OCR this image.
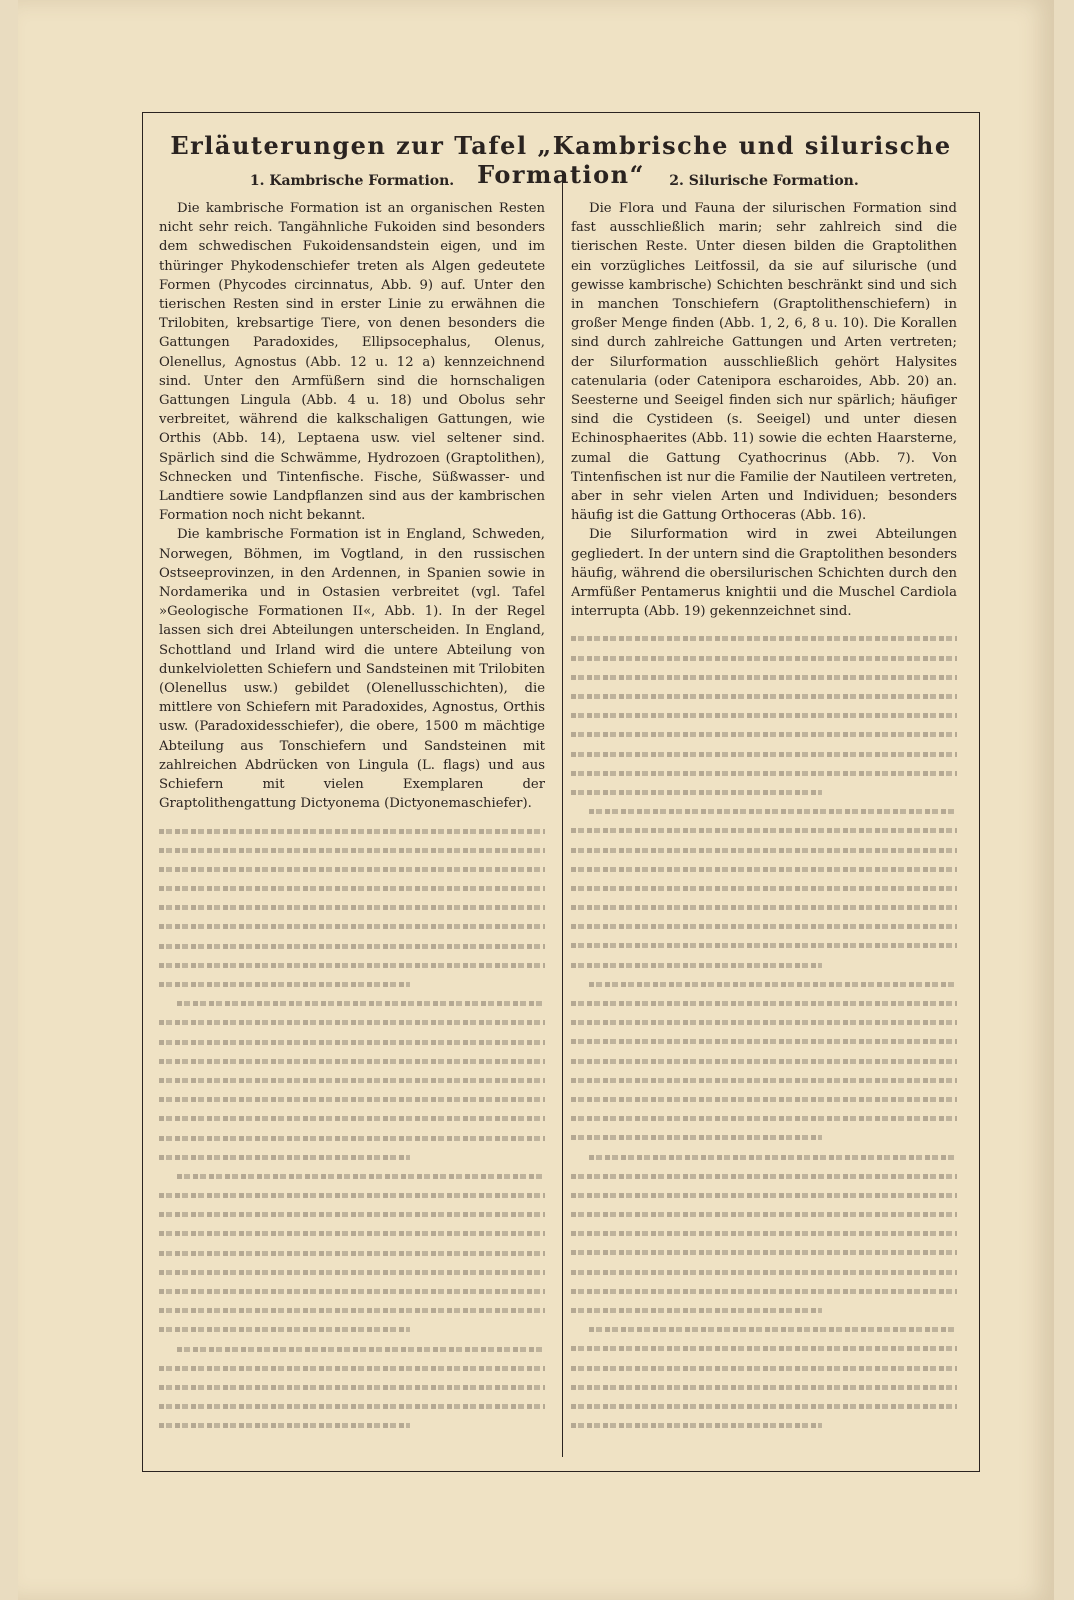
Erläuterungen zur Tafel „Kambrische und silurische Formation“
1. Kambrische Formation.

Die kambrische Formation ist an organischen Resten nicht sehr reich. Tangähnliche Fukoiden sind besonders dem schwedischen Fukoidensandstein eigen, und im thüringer Phykodenschiefer treten als Algen gedeutete Formen (Phycodes circinnatus, Abb. 9) auf. Unter den tierischen Resten sind in erster Linie zu erwähnen die Trilobiten, krebsartige Tiere, von denen besonders die Gattungen Paradoxides, Ellipsocephalus, Olenus, Olenellus, Agnostus (Abb. 12 u. 12 a) kennzeichnend sind. Unter den Armfüßern sind die hornschaligen Gattungen Lingula (Abb. 4 u. 18) und Obolus sehr verbreitet, während die kalkschaligen Gattungen, wie Orthis (Abb. 14), Leptaena usw. viel seltener sind. Spärlich sind die Schwämme, Hydrozoen (Graptolithen), Schnecken und Tintenfische. Fische, Süßwasser- und Landtiere sowie Landpflanzen sind aus der kambrischen Formation noch nicht bekannt.

Die kambrische Formation ist in England, Schweden, Norwegen, Böhmen, im Vogtland, in den russischen Ostseeprovinzen, in den Ardennen, in Spanien sowie in Nordamerika und in Ostasien verbreitet (vgl. Tafel »Geologische Formationen II«, Abb. 1). In der Regel lassen sich drei Abteilungen unterscheiden. In England, Schottland und Irland wird die untere Abteilung von dunkelvioletten Schiefern und Sandsteinen mit Trilobiten (Olenellus usw.) gebildet (Olenellusschichten), die mittlere von Schiefern mit Paradoxides, Agnostus, Orthis usw. (Paradoxidesschiefer), die obere, 1500 m mächtige Abteilung aus Tonschiefern und Sandsteinen mit zahlreichen Abdrücken von Lingula (L. flags) und aus Schiefern mit vielen Exemplaren der Graptolithengattung Dictyonema (Dictyonemaschiefer).

2. Silurische Formation.

Die Flora und Fauna der silurischen Formation sind fast ausschließlich marin; sehr zahlreich sind die tierischen Reste. Unter diesen bilden die Graptolithen ein vorzügliches Leitfossil, da sie auf silurische (und gewisse kambrische) Schichten beschränkt sind und sich in manchen Tonschiefern (Graptolithenschiefern) in großer Menge finden (Abb. 1, 2, 6, 8 u. 10). Die Korallen sind durch zahlreiche Gattungen und Arten vertreten; der Silurformation ausschließlich gehört Halysites catenularia (oder Catenipora escharoides, Abb. 20) an. Seesterne und Seeigel finden sich nur spärlich; häufiger sind die Cystideen (s. Seeigel) und unter diesen Echinosphaerites (Abb. 11) sowie die echten Haarsterne, zumal die Gattung Cyathocrinus (Abb. 7). Von Tintenfischen ist nur die Familie der Nautileen vertreten, aber in sehr vielen Arten und Individuen; besonders häufig ist die Gattung Orthoceras (Abb. 16).

Die Silurformation wird in zwei Abteilungen gegliedert. In der untern sind die Graptolithen besonders häufig, während die obersilurischen Schichten durch den Armfüßer Pentamerus knightii und die Muschel Cardiola interrupta (Abb. 19) gekennzeichnet sind.
